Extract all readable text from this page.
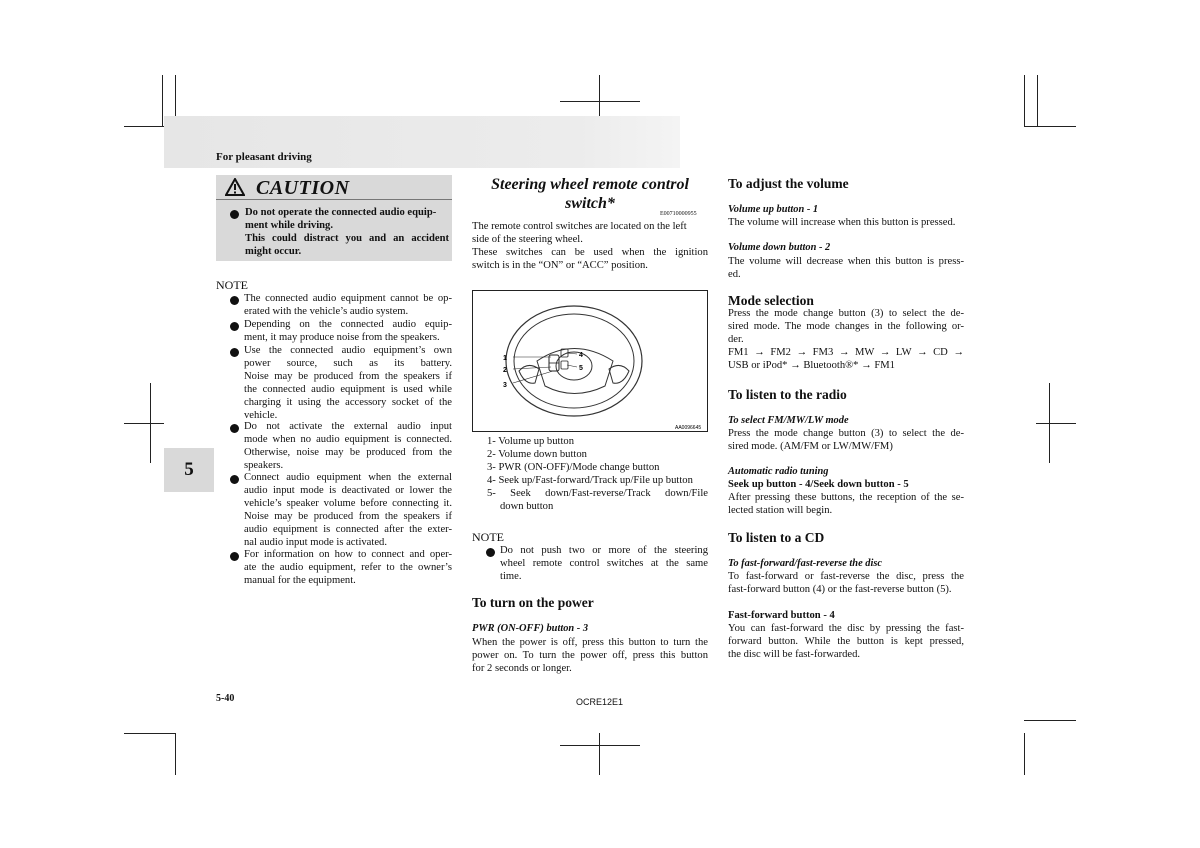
For pleasant driving
5
CAUTION
Do not operate the connected audio equip-
ment while driving.
This could distract you and an accident
might occur.
NOTE
The connected audio equipment cannot be op-
erated with the vehicle’s audio system.
Depending on the connected audio equip-
ment, it may produce noise from the speakers.
Use the connected audio equipment’s own
power source, such as its battery.
Noise may be produced from the speakers if
the connected audio equipment is used while
charging it using the accessory socket of the
vehicle.
Do not activate the external audio input
mode when no audio equipment is connected.
Otherwise, noise may be produced from the
speakers.
Connect audio equipment when the external
audio input mode is deactivated or lower the
vehicle’s speaker volume before connecting it.
Noise may be produced from the speakers if
audio equipment is connected after the exter-
nal audio input mode is activated.
For information on how to connect and oper-
ate the audio equipment, refer to the owner’s
manual for the equipment.
Steering wheel remote control
switch*
E00710000955
The remote control switches are located on the left
side of the steering wheel.
These switches can be used when the ignition
switch is in the “ON” or “ACC” position.
1
2
3
4
5
AA0096645
1- Volume up button
2- Volume down button
3- PWR (ON-OFF)/Mode change button
4- Seek up/Fast-forward/Track up/File up button
5- Seek down/Fast-reverse/Track down/File
down button
NOTE
Do not push two or more of the steering
wheel remote control switches at the same
time.
To turn on the power
PWR (ON-OFF) button - 3
When the power is off, press this button to turn the
power on. To turn the power off, press this button
for 2 seconds or longer.
To adjust the volume
Volume up button - 1
The volume will increase when this button is pressed.
Volume down button - 2
The volume will decrease when this button is press-
ed.
Mode selection
Press the mode change button (3) to select the de-
sired mode. The mode changes in the following or-
der.
FM1 → FM2 → FM3 → MW → LW → CD →
USB or iPod* → Bluetooth®* → FM1
To listen to the radio
To select FM/MW/LW mode
Press the mode change button (3) to select the de-
sired mode. (AM/FM or LW/MW/FM)
Automatic radio tuning
Seek up button - 4/Seek down button - 5
After pressing these buttons, the reception of the se-
lected station will begin.
To listen to a CD
To fast-forward/fast-reverse the disc
To fast-forward or fast-reverse the disc, press the
fast-forward button (4) or the fast-reverse button (5).
Fast-forward button - 4
You can fast-forward the disc by pressing the fast-
forward button. While the button is kept pressed,
the disc will be fast-forwarded.
5-40	OCRE12E1
